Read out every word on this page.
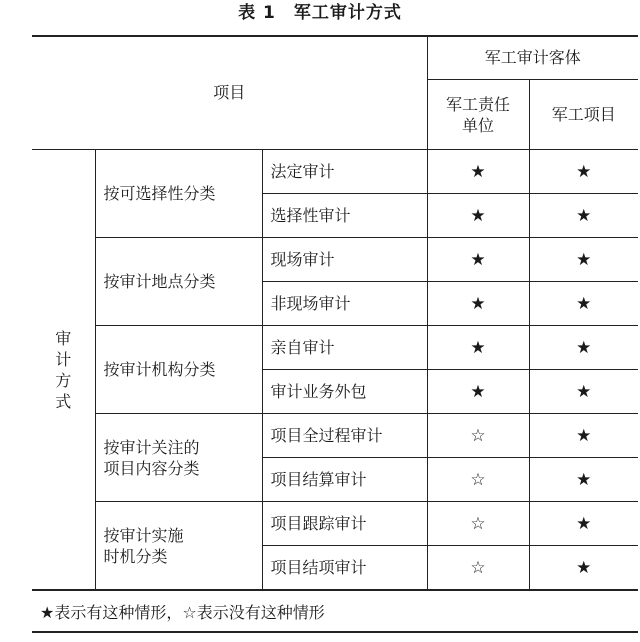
表 1　军工审计方式
项目			军工审计客体	

			军工责任
单位	军工项目

审
计
方
式	按可选择性分类	法定审计	★	★
		选择性审计	★	★
	按审计地点分类	现场审计	★	★
		非现场审计	★	★
	按审计机构分类	亲自审计	★	★
		审计业务外包	★	★

	按审计关注的
项目内容分类	项目全过程审计	☆	★
		项目结算审计	☆	★

	按审计实施
时机分类	项目跟踪审计	☆	★
		项目结项审计	☆	★
★表示有这种情形，☆表示没有这种情形
